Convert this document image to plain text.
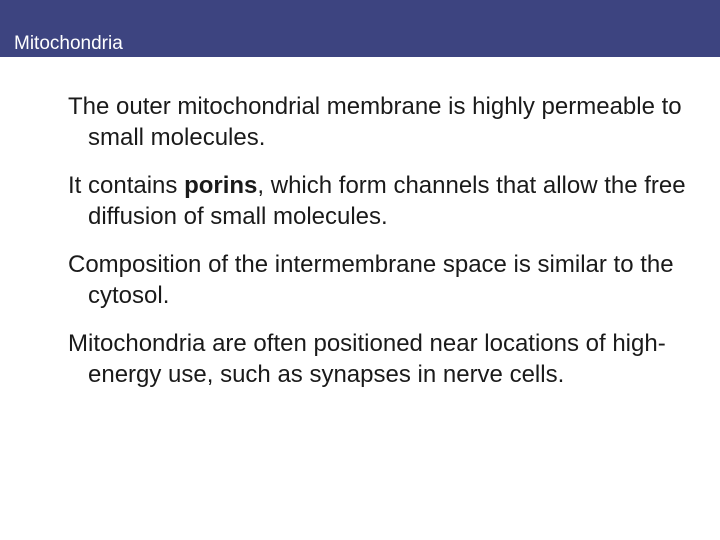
Mitochondria

The outer mitochondrial membrane is highly permeable to small molecules.

It contains porins, which form channels that allow the free diffusion of small molecules.

Composition of the intermembrane space is similar to the cytosol.

Mitochondria are often positioned near locations of high-energy use, such as synapses in nerve cells.
